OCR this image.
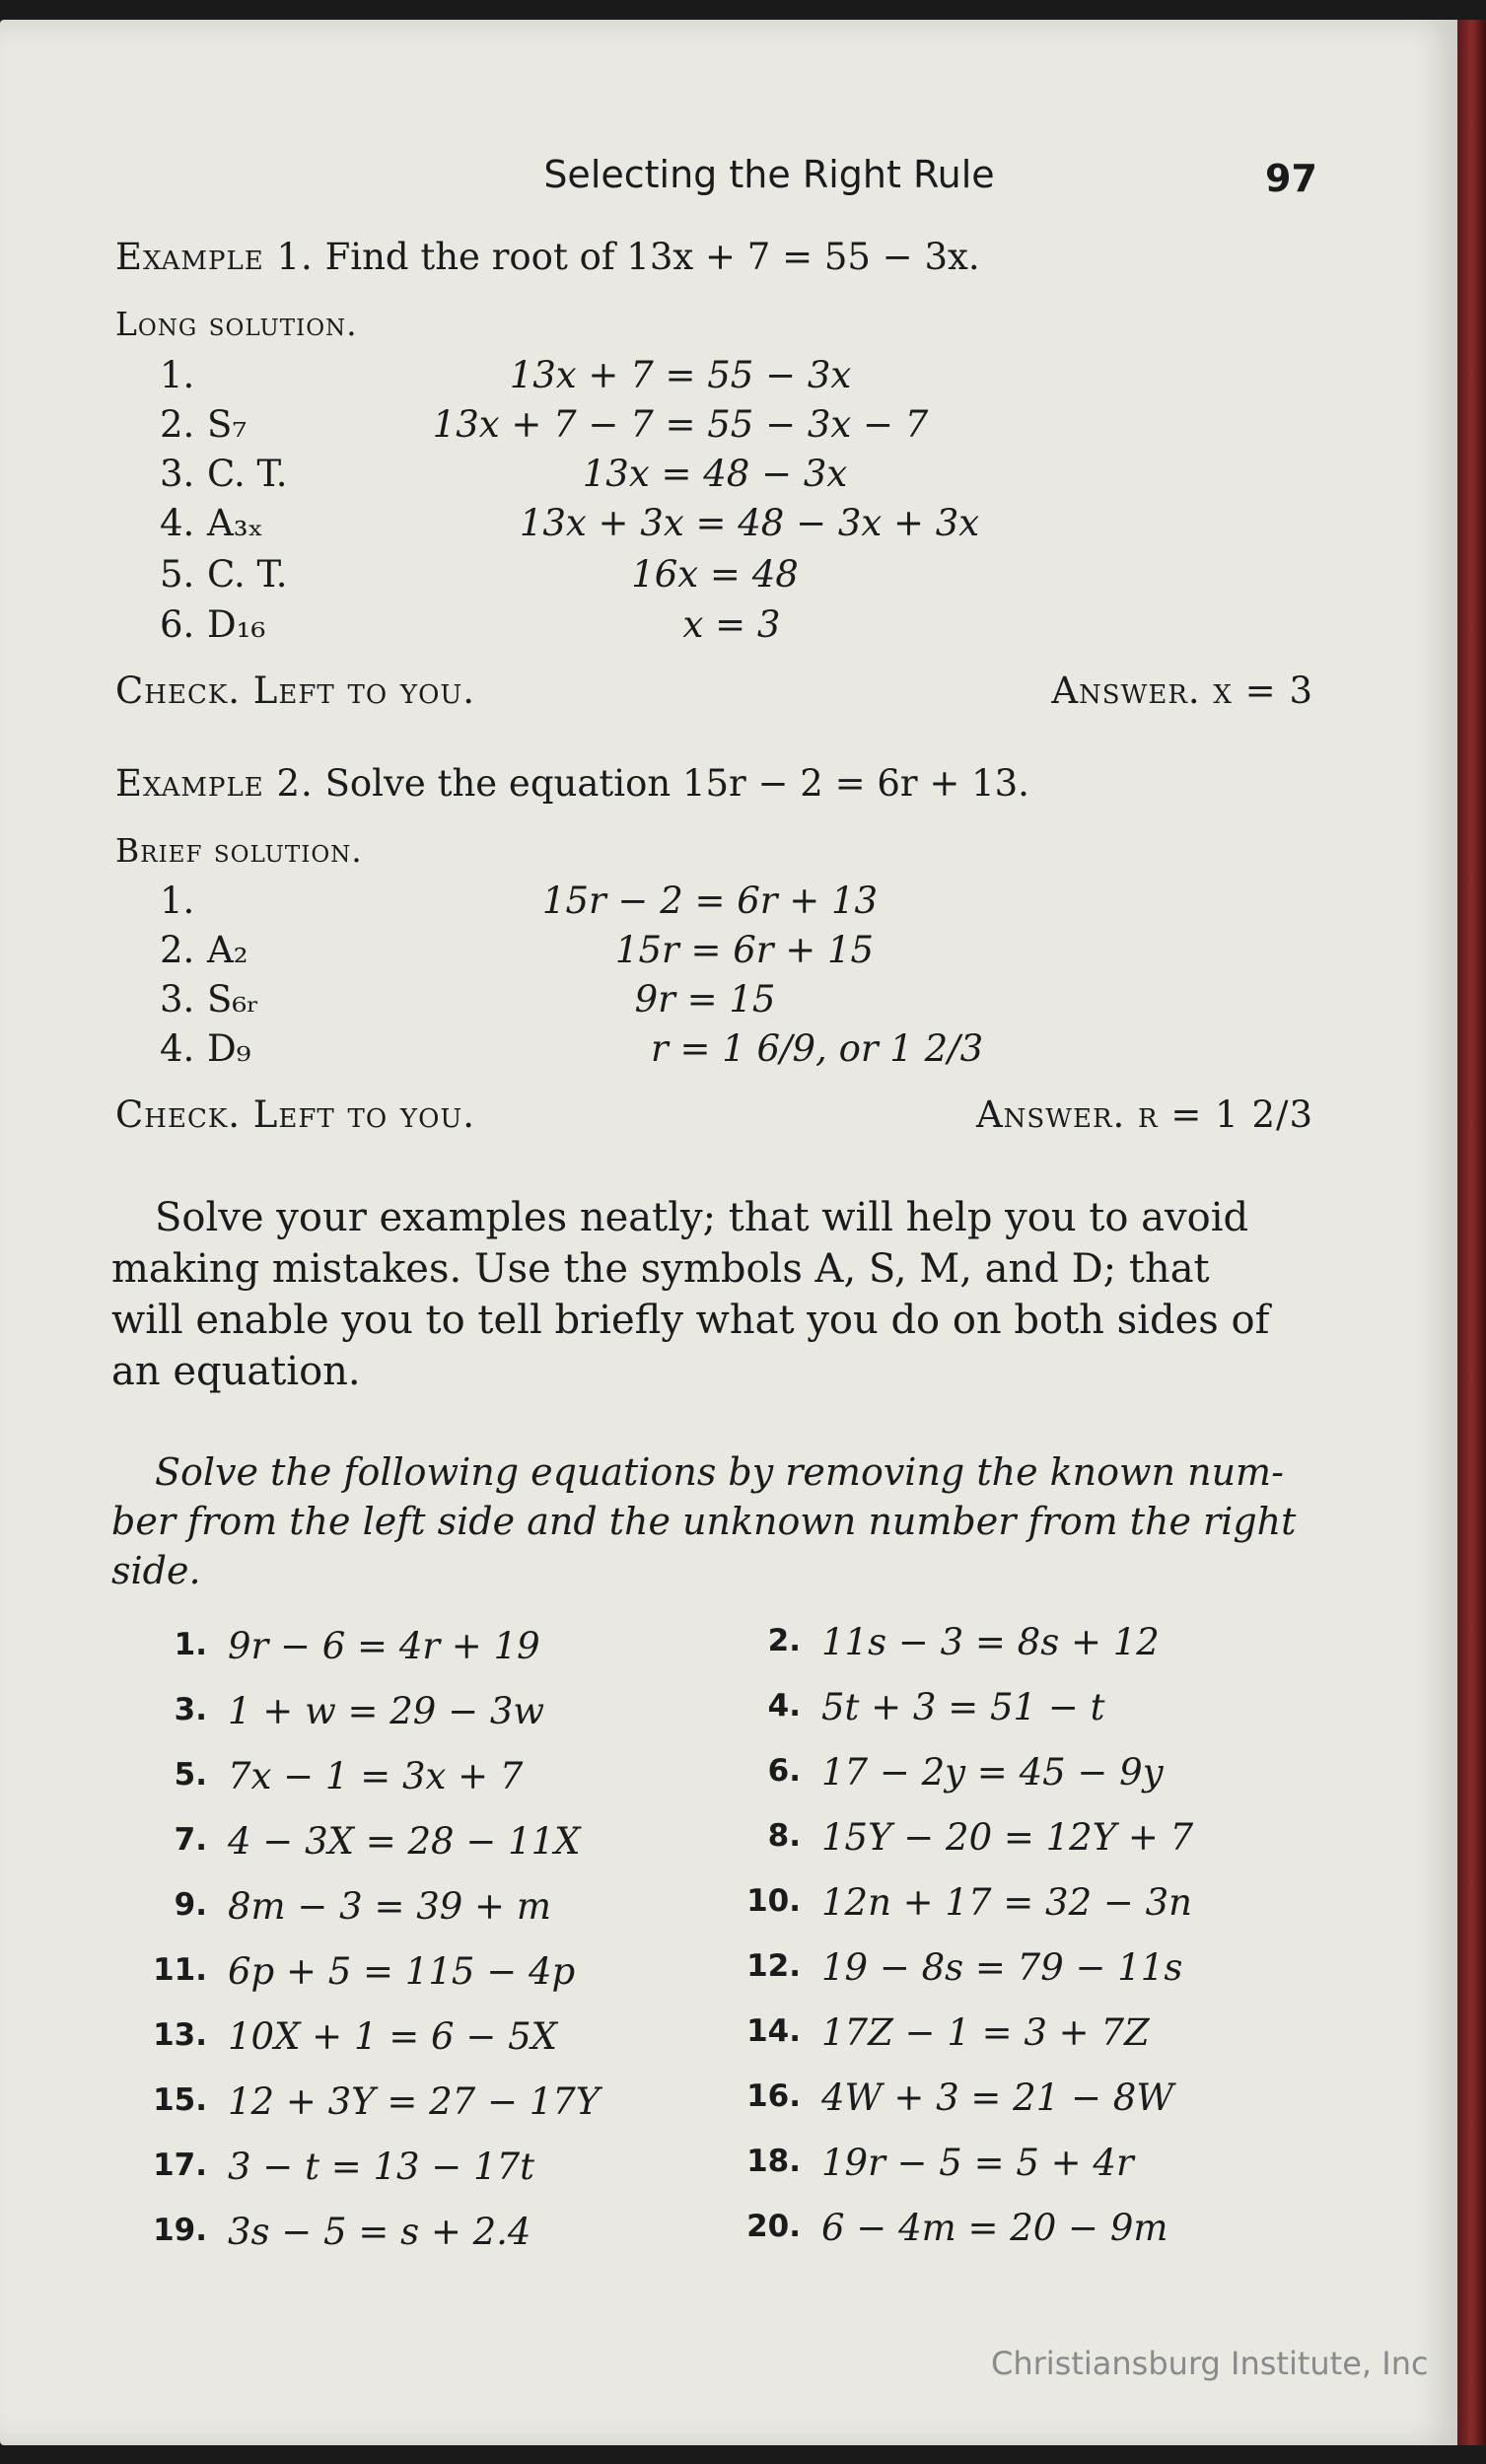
Selecting the Right Rule	97
Example 1. Find the root of 13x + 7 = 55 − 3x.
Long solution.
1.	13x + 7 = 55 − 3x
2. S₇	13x + 7 − 7 = 55 − 3x − 7
3. C. T.	13x = 48 − 3x
4. A₃ₓ	13x + 3x = 48 − 3x + 3x
5. C. T.	16x = 48
6. D₁₆	x = 3
Check. Left to you.	Answer. x = 3
Example 2. Solve the equation 15r − 2 = 6r + 13.
Brief solution.
1.	15r − 2 = 6r + 13
2. A₂	15r = 6r + 15
3. S₆ᵣ	9r = 15
4. D₉	r = 1 6/9, or 1 2/3
Check. Left to you.	Answer. r = 1 2/3
Solve your examples neatly; that will help you to avoid
making mistakes. Use the symbols A, S, M, and D; that
will enable you to tell briefly what you do on both sides of
an equation.
Solve the following equations by removing the known num-
ber from the left side and the unknown number from the right
side.
1. 9r − 6 = 4r + 19	2. 11s − 3 = 8s + 12
3. 1 + w = 29 − 3w	4. 5t + 3 = 51 − t
5. 7x − 1 = 3x + 7	6. 17 − 2y = 45 − 9y
7. 4 − 3X = 28 − 11X	8. 15Y − 20 = 12Y + 7
9. 8m − 3 = 39 + m	10. 12n + 17 = 32 − 3n
11. 6p + 5 = 115 − 4p	12. 19 − 8s = 79 − 11s
13. 10X + 1 = 6 − 5X	14. 17Z − 1 = 3 + 7Z
15. 12 + 3Y = 27 − 17Y	16. 4W + 3 = 21 − 8W
17. 3 − t = 13 − 17t	18. 19r − 5 = 5 + 4r
19. 3s − 5 = s + 2.4	20. 6 − 4m = 20 − 9m
Christiansburg Institute, Inc
